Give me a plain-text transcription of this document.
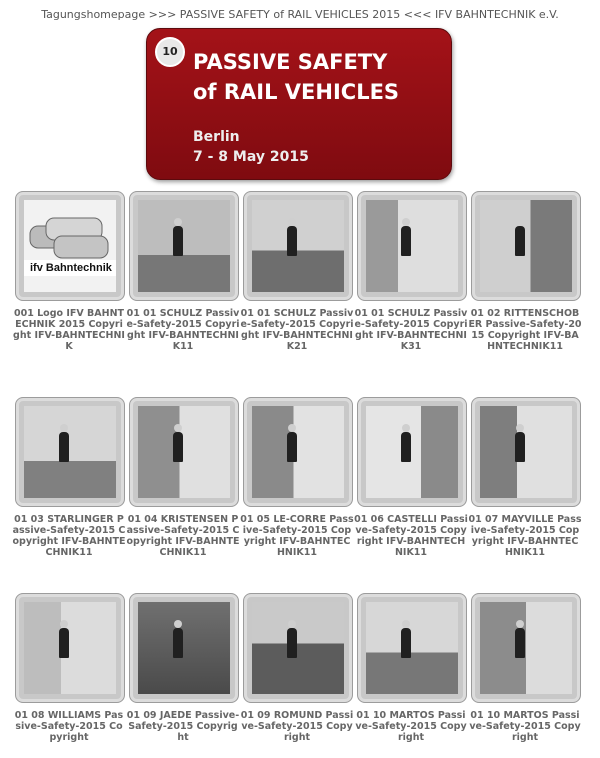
Tagungshomepage >>> PASSIVE SAFETY of RAIL VEHICLES 2015 <<< IFV BAHNTECHNIK e.V.
10 PASSIVE SAFETY
of RAIL VEHICLES
Berlin
7 - 8 May 2015
ifv Bahntechnik
001 Logo IFV BAHNTECHNIK 2015 Copyright IFV-BAHNTECHNIK
01 01 SCHULZ Passive-Safety-2015 Copyright IFV-BAHNTECHNIK11
01 01 SCHULZ Passive-Safety-2015 Copyright IFV-BAHNTECHNIK21
01 01 SCHULZ Passive-Safety-2015 Copyright IFV-BAHNTECHNIK31
01 02 RITTENSCHOBER Passive-Safety-2015 Copyright IFV-BAHNTECHNIK11
01 03 STARLINGER Passive-Safety-2015 Copyright IFV-BAHNTECHNIK11
01 04 KRISTENSEN Passive-Safety-2015 Copyright IFV-BAHNTECHNIK11
01 05 LE-CORRE Passive-Safety-2015 Copyright IFV-BAHNTECHNIK11
01 06 CASTELLI Passive-Safety-2015 Copyright IFV-BAHNTECHNIK11
01 07 MAYVILLE Passive-Safety-2015 Copyright IFV-BAHNTECHNIK11
01 08 WILLIAMS Passive-Safety-2015 Copyright
01 09 JAEDE Passive-Safety-2015 Copyright
01 09 ROMUND Passive-Safety-2015 Copyright
01 10 MARTOS Passive-Safety-2015 Copyright
01 10 MARTOS Passive-Safety-2015 Copyright
